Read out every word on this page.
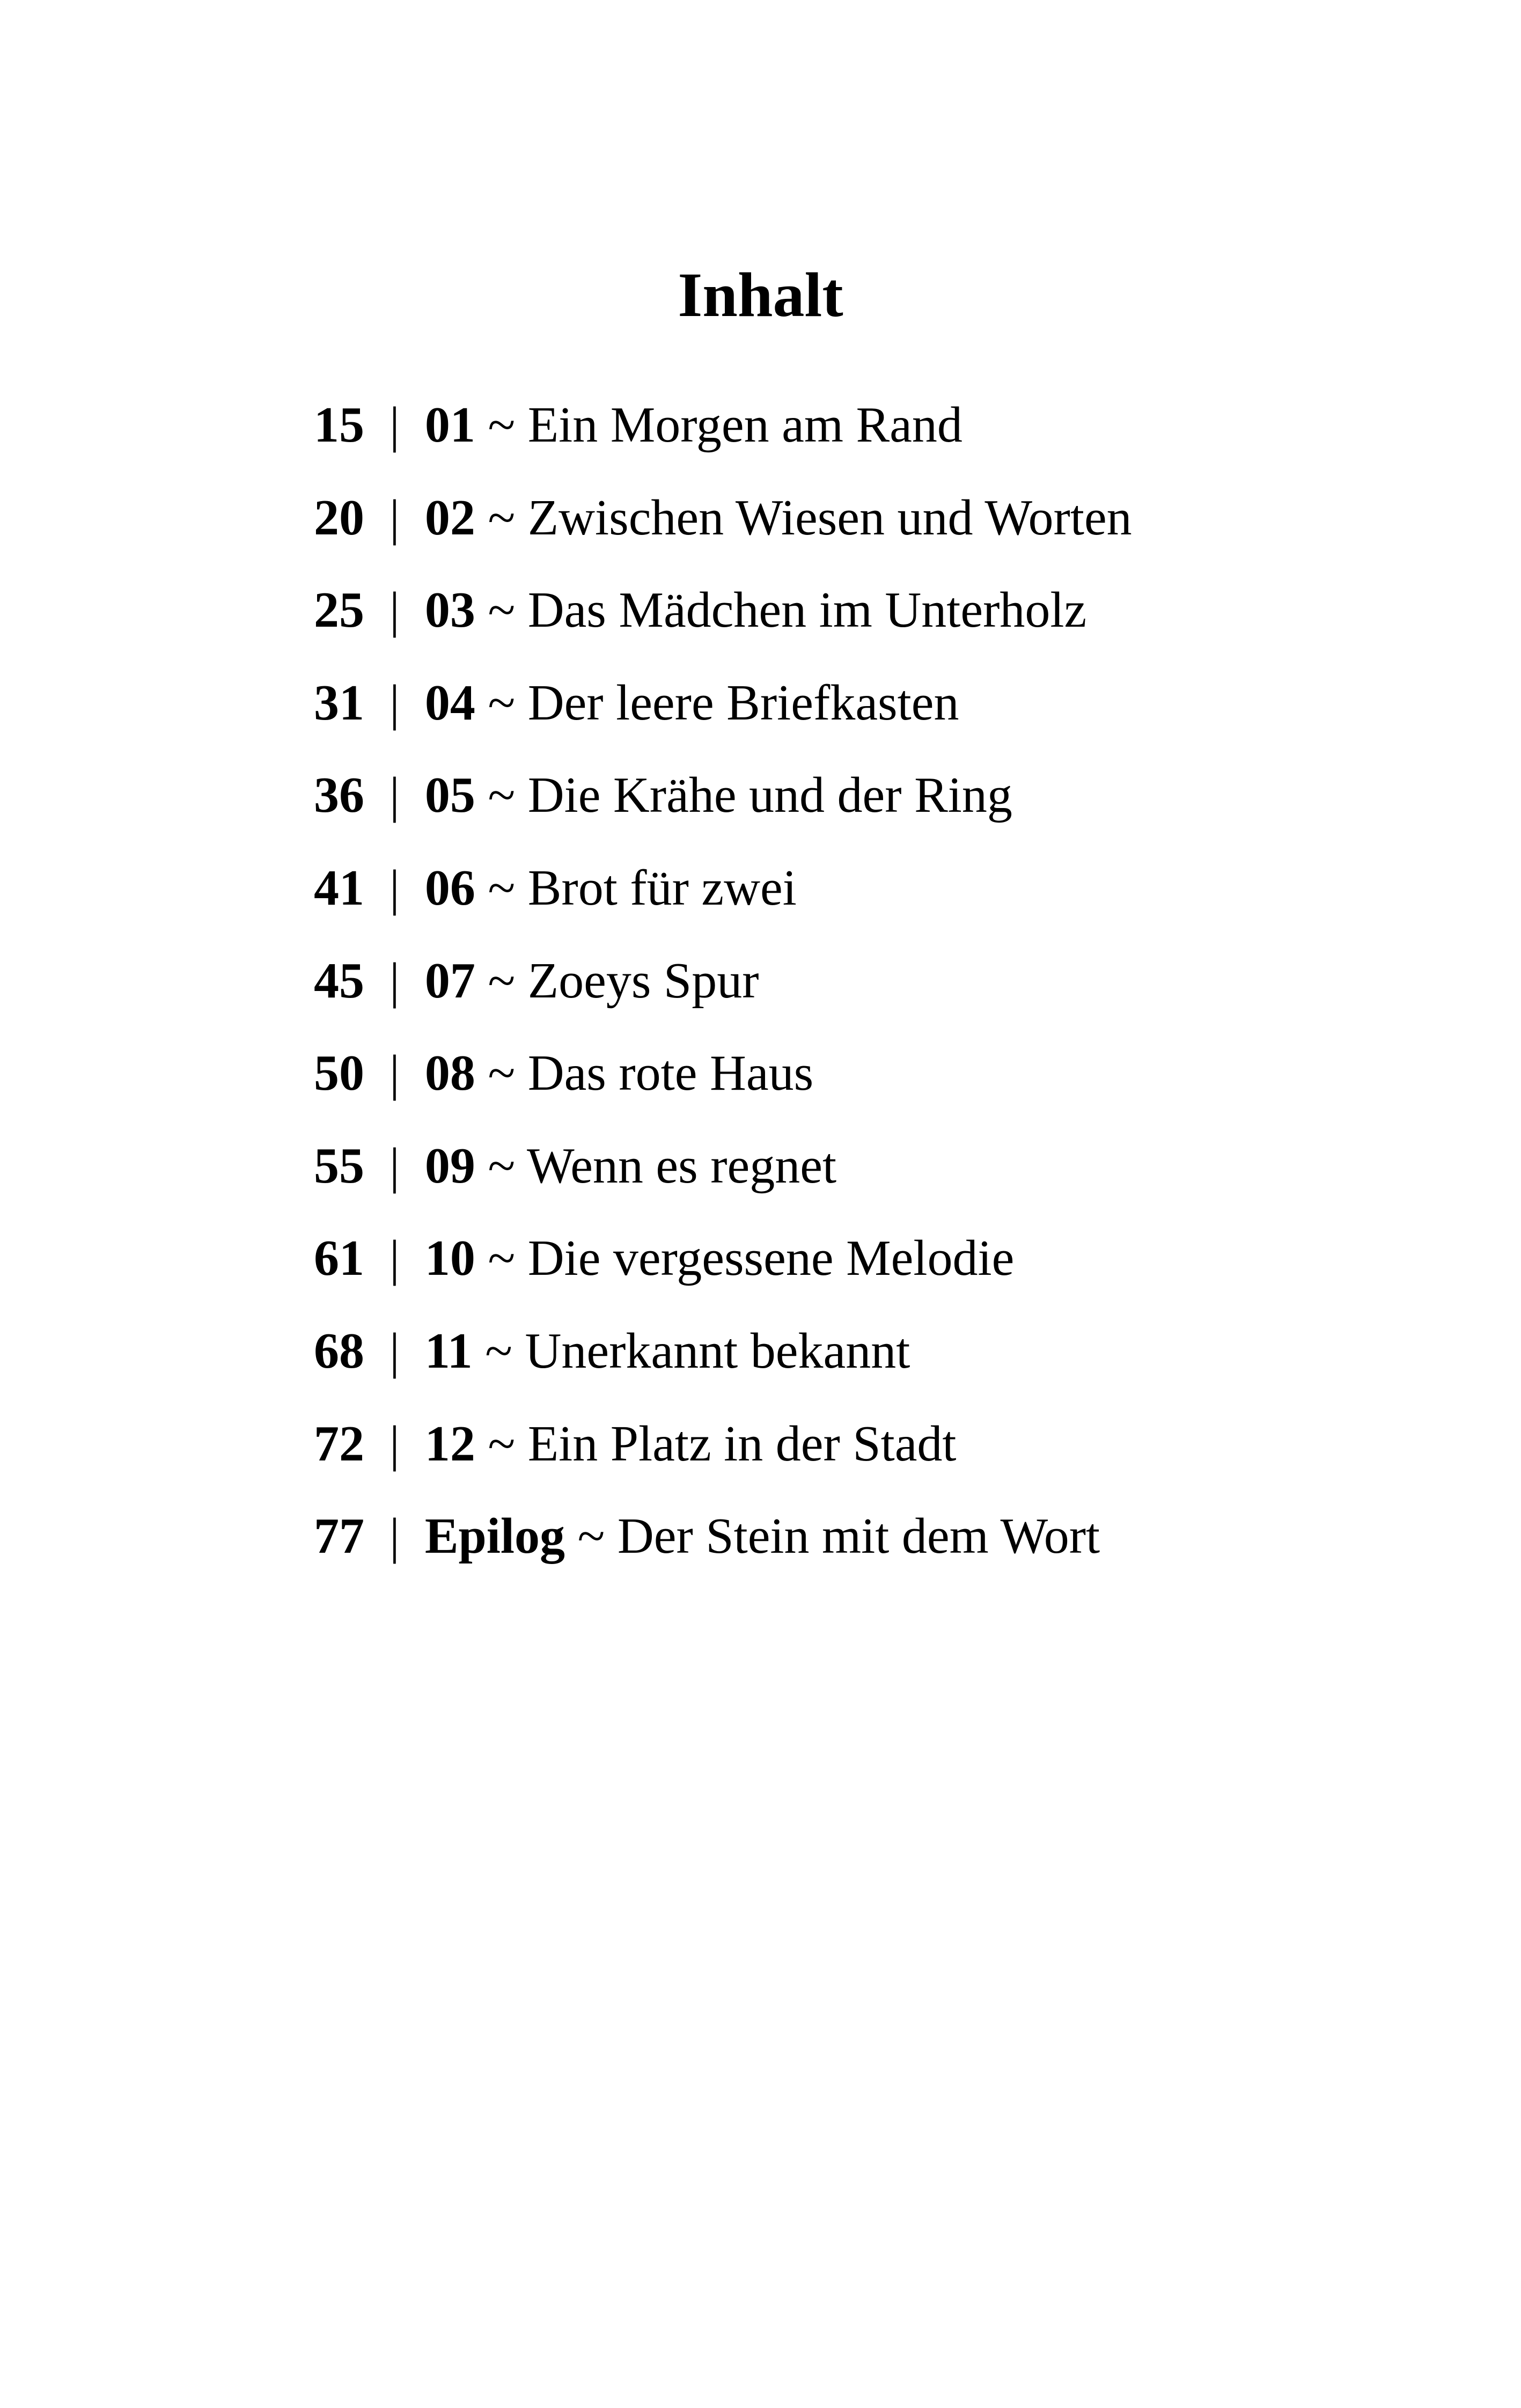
Inhalt
15  |  01 ~ Ein Morgen am Rand
20  |  02 ~ Zwischen Wiesen und Worten
25  |  03 ~ Das Mädchen im Unterholz
31  |  04 ~ Der leere Briefkasten
36  |  05 ~ Die Krähe und der Ring
41  |  06 ~ Brot für zwei
45  |  07 ~ Zoeys Spur
50  |  08 ~ Das rote Haus
55  |  09 ~ Wenn es regnet
61  |  10 ~ Die vergessene Melodie
68  |  11 ~ Unerkannt bekannt
72  |  12 ~ Ein Platz in der Stadt
77  |  Epilog ~ Der Stein mit dem Wort
